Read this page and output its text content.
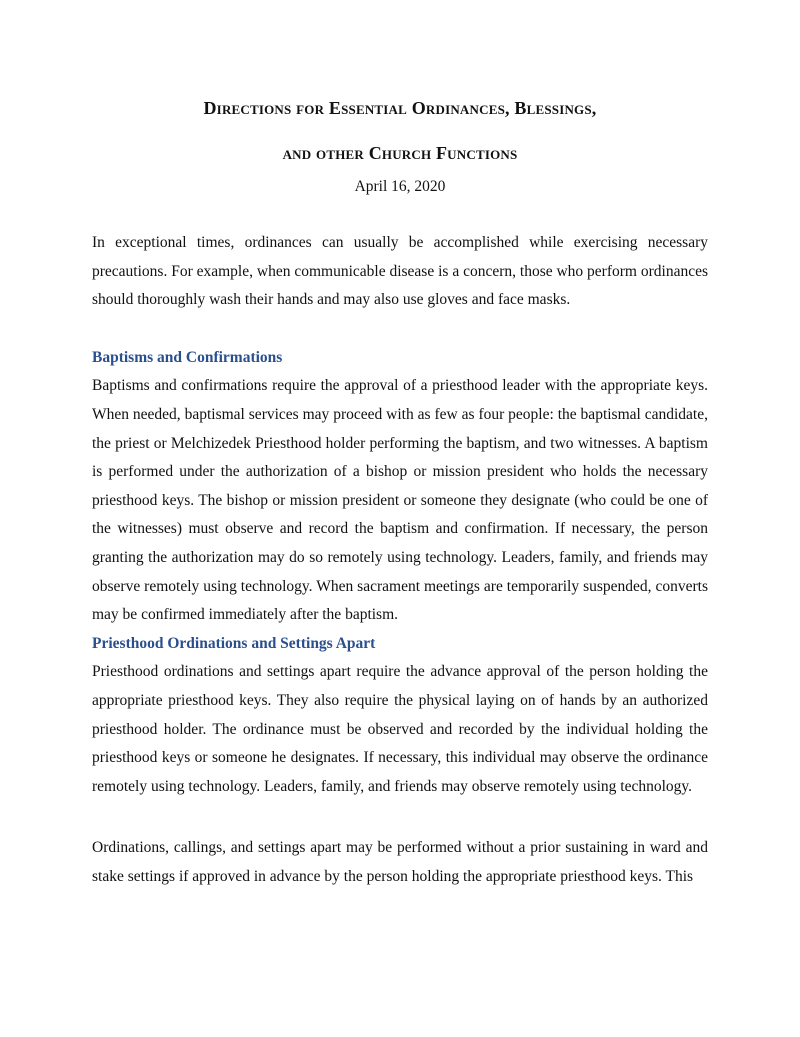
Directions for Essential Ordinances, Blessings,

and other Church Functions

April 16, 2020

In exceptional times, ordinances can usually be accomplished while exercising necessary precautions. For example, when communicable disease is a concern, those who perform ordinances should thoroughly wash their hands and may also use gloves and face masks.

Baptisms and Confirmations

Baptisms and confirmations require the approval of a priesthood leader with the appropriate keys. When needed, baptismal services may proceed with as few as four people: the baptismal candidate, the priest or Melchizedek Priesthood holder performing the baptism, and two witnesses. A baptism is performed under the authorization of a bishop or mission president who holds the necessary priesthood keys. The bishop or mission president or someone they designate (who could be one of the witnesses) must observe and record the baptism and confirmation. If necessary, the person granting the authorization may do so remotely using technology. Leaders, family, and friends may observe remotely using technology. When sacrament meetings are temporarily suspended, converts may be confirmed immediately after the baptism.

Priesthood Ordinations and Settings Apart

Priesthood ordinations and settings apart require the advance approval of the person holding the appropriate priesthood keys. They also require the physical laying on of hands by an authorized priesthood holder. The ordinance must be observed and recorded by the individual holding the priesthood keys or someone he designates. If necessary, this individual may observe the ordinance remotely using technology. Leaders, family, and friends may observe remotely using technology.

Ordinations, callings, and settings apart may be performed without a prior sustaining in ward and stake settings if approved in advance by the person holding the appropriate priesthood keys. This
